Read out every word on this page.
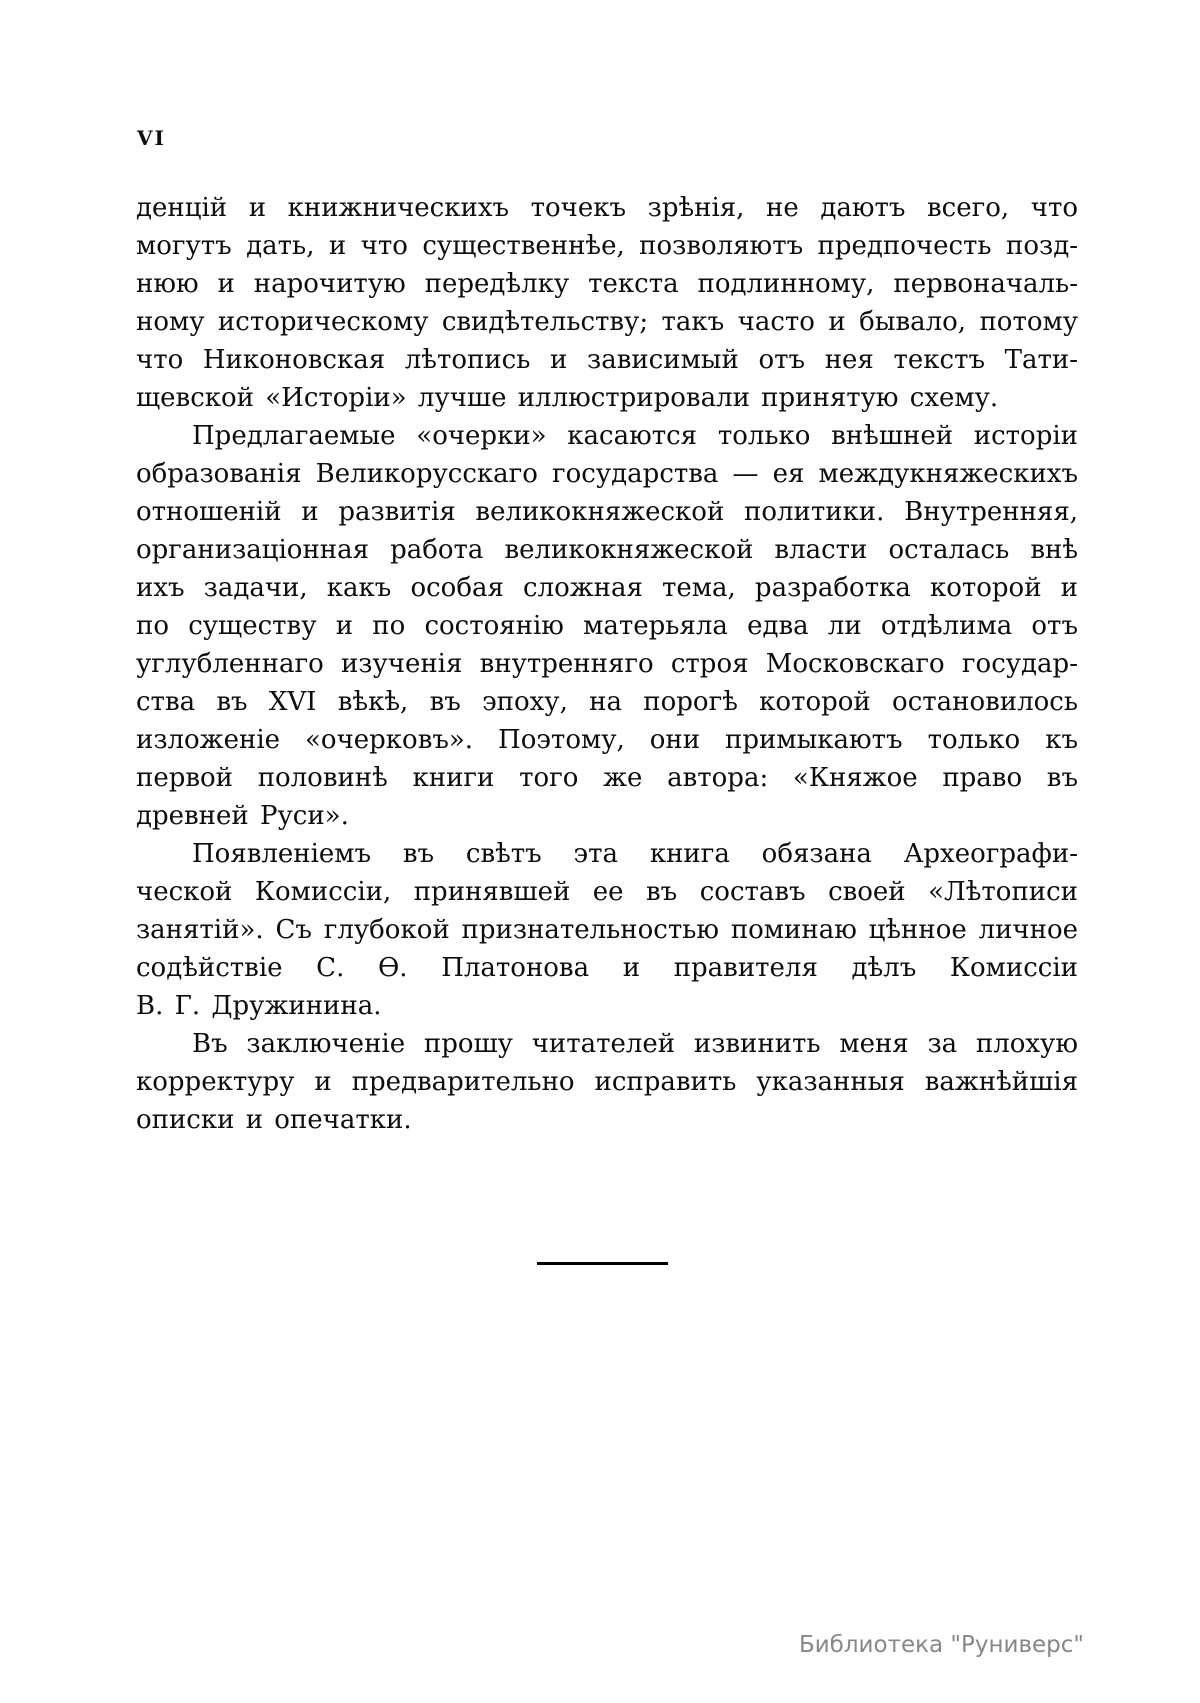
VI

денцій и книжническихъ точекъ зрѣнія, не даютъ всего, что
могутъ дать, и что существеннѣе, позволяютъ предпочесть позд-
нюю и нарочитую передѣлку текста подлинному, первоначаль-
ному историческому свидѣтельству; такъ часто и бывало, потому
что Никоновская лѣтопись и зависимый отъ нея текстъ Тати-
щевской «Исторіи» лучше иллюстрировали принятую схему.

Предлагаемые «очерки» касаются только внѣшней исторіи
образованія Великорусскаго государства — ея междукняжескихъ
отношеній и развитія великокняжеской политики. Внутренняя,
организаціонная работа великокняжеской власти осталась внѣ
ихъ задачи, какъ особая сложная тема, разработка которой и
по существу и по состоянію матерьяла едва ли отдѣлима отъ
углубленнаго изученія внутренняго строя Московскаго государ-
ства въ XVI вѣкѣ, въ эпоху, на порогѣ которой остановилось
изложеніе «очерковъ». Поэтому, они примыкаютъ только къ
первой половинѣ книги того же автора: «Княжое право въ
древней Руси».

Появленіемъ въ свѣтъ эта книга обязана Археографи-
ческой Комиссіи, принявшей ее въ составъ своей «Лѣтописи
занятій». Съ глубокой признательностью поминаю цѣнное личное
содѣйствіе С. Ѳ. Платонова и правителя дѣлъ Комиссіи
В. Г. Дружинина.

Въ заключеніе прошу читателей извинить меня за плохую
корректуру и предварительно исправить указанныя важнѣйшія
описки и опечатки.

Библиотека "Руниверс"
